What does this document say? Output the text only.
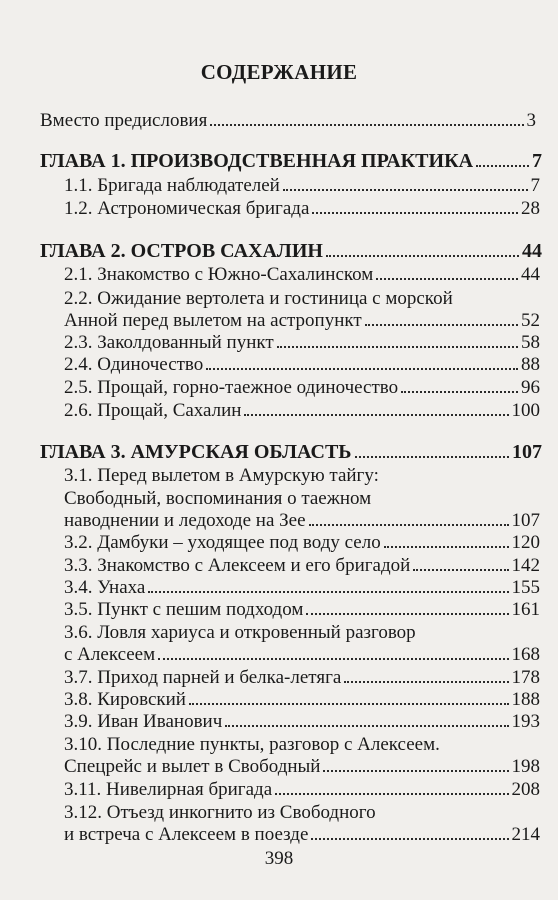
СОДЕРЖАНИЕ
Вместо предисловия	3
ГЛАВА 1. ПРОИЗВОДСТВЕННАЯ ПРАКТИКА	7
1.1. Бригада наблюдателей	7
1.2. Астрономическая бригада	28
ГЛАВА 2. ОСТРОВ САХАЛИН	44
2.1. Знакомство с Южно-Сахалинском	44
2.2. Ожидание вертолета и гостиница с морской
Анной перед вылетом на астропункт	52
2.3. Заколдованный пункт	58
2.4. Одиночество	88
2.5. Прощай, горно-таежное одиночество	96
2.6. Прощай, Сахалин	100
ГЛАВА 3. АМУРСКАЯ ОБЛАСТЬ	107
3.1. Перед вылетом в Амурскую тайгу:
Свободный, воспоминания о таежном
наводнении и ледоходе на Зее	107
3.2. Дамбуки – уходящее под воду село	120
3.3. Знакомство с Алексеем и его бригадой	142
3.4. Унаха	155
3.5. Пункт с пешим подходом	161
3.6. Ловля хариуса и откровенный разговор
с Алексеем	168
3.7. Приход парней и белка-летяга	178
3.8. Кировский	188
3.9. Иван Иванович	193
3.10. Последние пункты, разговор с Алексеем.
Спецрейс и вылет в Свободный	198
3.11. Нивелирная бригада	208
3.12. Отъезд инкогнито из Свободного
и встреча с Алексеем в поезде	214
398
